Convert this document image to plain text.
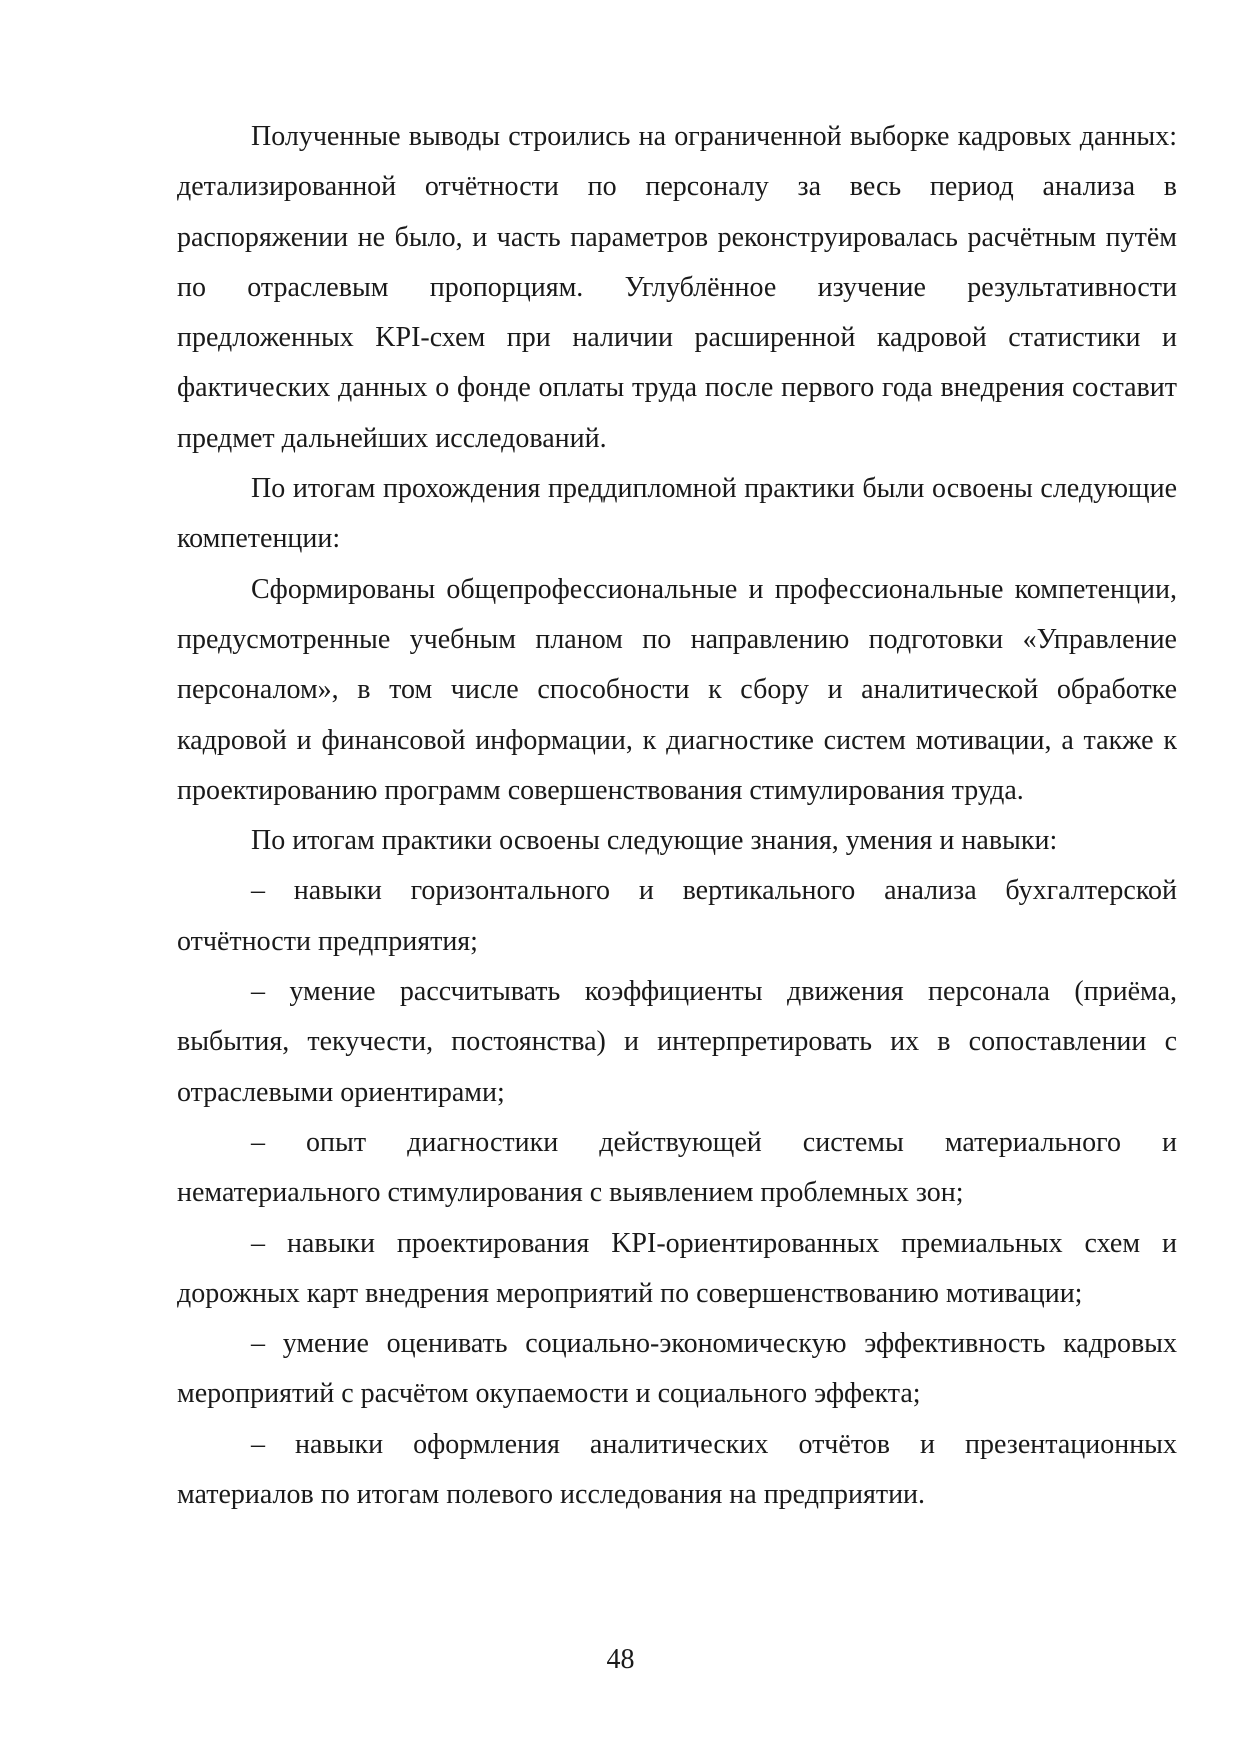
Полученные выводы строились на ограниченной выборке кадровых данных: детализированной отчётности по персоналу за весь период анализа в распоряжении не было, и часть параметров реконструировалась расчётным путём по отраслевым пропорциям. Углублённое изучение результативности предложенных KPI-схем при наличии расширенной кадровой статистики и фактических данных о фонде оплаты труда после первого года внедрения составит предмет дальнейших исследований.

По итогам прохождения преддипломной практики были освоены следующие компетенции:

Сформированы общепрофессиональные и профессиональные компетенции, предусмотренные учебным планом по направлению подготовки «Управление персоналом», в том числе способности к сбору и аналитической обработке кадровой и финансовой информации, к диагностике систем мотивации, а также к проектированию программ совершенствования стимулирования труда.

По итогам практики освоены следующие знания, умения и навыки:

– навыки горизонтального и вертикального анализа бухгалтерской отчётности предприятия;

– умение рассчитывать коэффициенты движения персонала (приёма, выбытия, текучести, постоянства) и интерпретировать их в сопоставлении с отраслевыми ориентирами;

– опыт диагностики действующей системы материального и нематериального стимулирования с выявлением проблемных зон;

– навыки проектирования KPI-ориентированных премиальных схем и дорожных карт внедрения мероприятий по совершенствованию мотивации;

– умение оценивать социально-экономическую эффективность кадровых мероприятий с расчётом окупаемости и социального эффекта;

– навыки оформления аналитических отчётов и презентационных материалов по итогам полевого исследования на предприятии.

48
